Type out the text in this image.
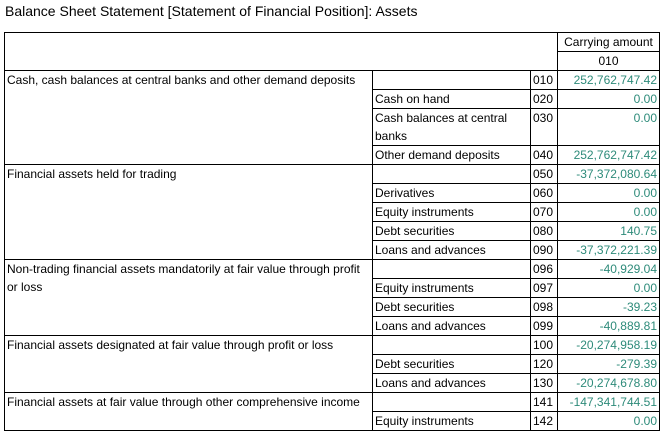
Balance Sheet Statement [Statement of Financial Position]: Assets
			Carrying amount
			010
Cash, cash balances at central banks and other demand deposits		010	252,762,747.42
	Cash on hand	020	0.00
	Cash balances at central banks	030	0.00

	Other demand deposits	040	252,762,747.42
Financial assets held for trading		050	-37,372,080.64
	Derivatives	060	0.00
	Equity instruments	070	0.00
	Debt securities	080	140.75
	Loans and advances	090	-37,372,221.39
Non-trading financial assets mandatorily at fair value through profit or loss		096	-40,929.04
	Equity instruments	097	0.00
	Debt securities	098	-39.23
	Loans and advances	099	-40,889.81
Financial assets designated at fair value through profit or loss		100	-20,274,958.19
	Debt securities	120	-279.39
	Loans and advances	130	-20,274,678.80
Financial assets at fair value through other comprehensive income		141	-147,341,744.51
	Equity instruments	142	0.00
